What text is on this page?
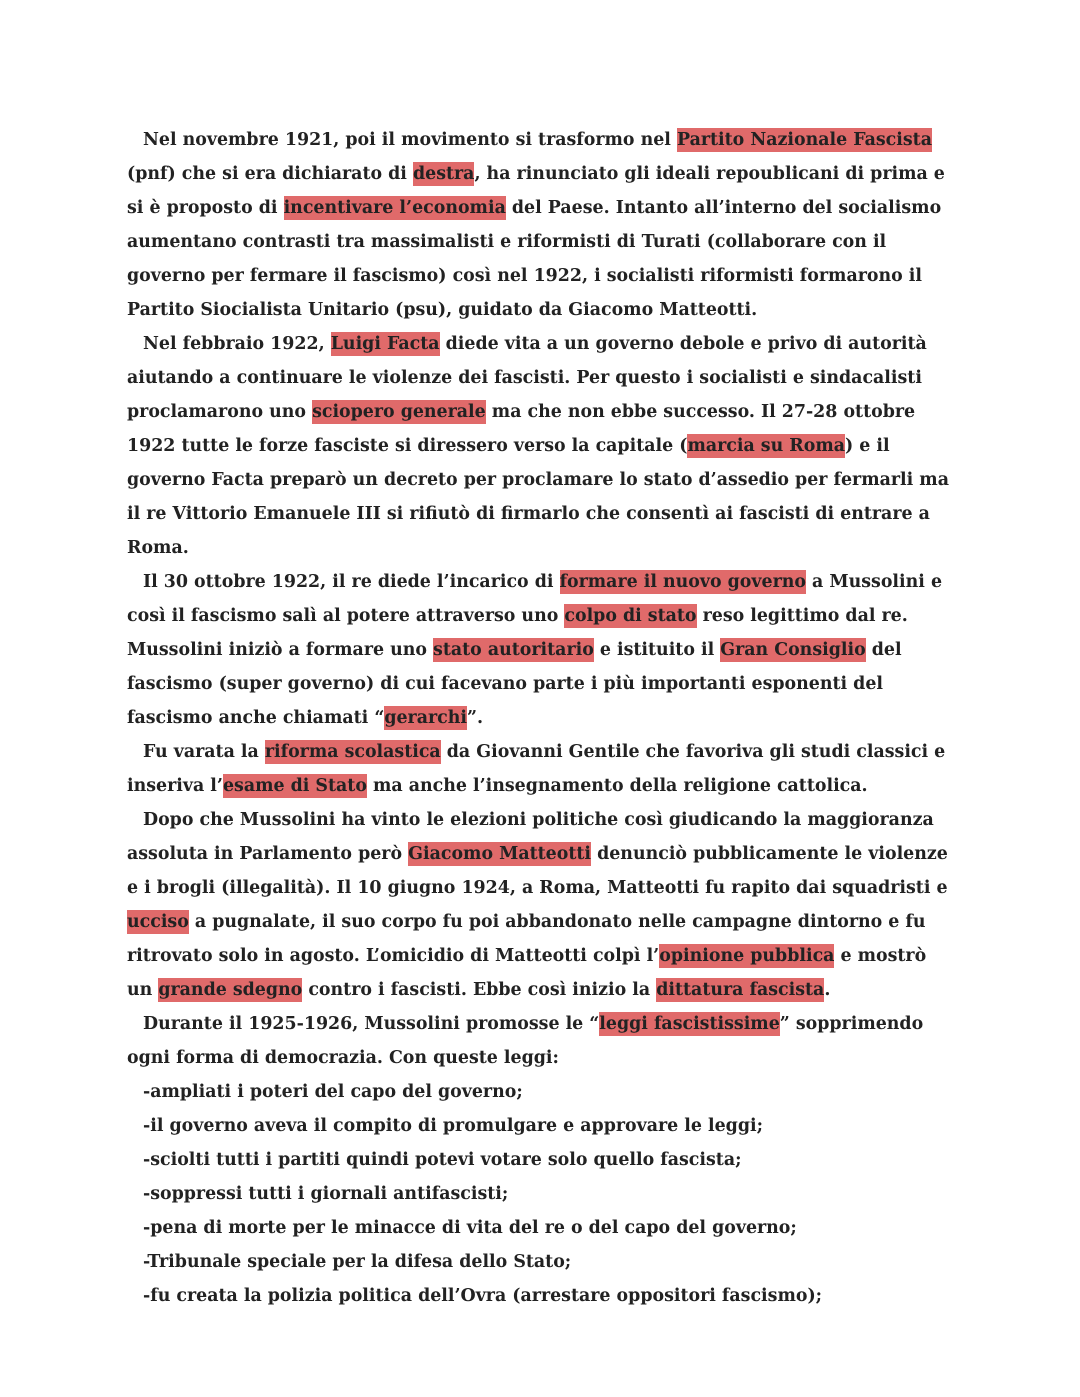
Nel novembre 1921, poi il movimento si trasformo nel Partito Nazionale Fascista (pnf) che si era dichiarato di destra, ha rinunciato gli ideali repoublicani di prima e si è proposto di incentivare l’economia del Paese. Intanto all’interno del socialismo aumentano contrasti tra massimalisti e riformisti di Turati (collaborare con il governo per fermare il fascismo) così nel 1922, i socialisti riformisti formarono il Partito Siocialista Unitario (psu), guidato da Giacomo Matteotti.

Nel febbraio 1922, Luigi Facta diede vita a un governo debole e privo di autorità aiutando a continuare le violenze dei fascisti. Per questo i socialisti e sindacalisti proclamarono uno sciopero generale ma che non ebbe successo. Il 27-28 ottobre 1922 tutte le forze fasciste si diressero verso la capitale (marcia su Roma) e il governo Facta preparò un decreto per proclamare lo stato d’assedio per fermarli ma il re Vittorio Emanuele III si rifiutò di firmarlo che consentì ai fascisti di entrare a Roma.

Il 30 ottobre 1922, il re diede l’incarico di formare il nuovo governo a Mussolini e così il fascismo salì al potere attraverso uno colpo di stato reso legittimo dal re. Mussolini iniziò a formare uno stato autoritario e istituito il Gran Consiglio del fascismo (super governo) di cui facevano parte i più importanti esponenti del fascismo anche chiamati “gerarchi”.

Fu varata la riforma scolastica da Giovanni Gentile che favoriva gli studi classici e inseriva l’esame di Stato ma anche l’insegnamento della religione cattolica.

Dopo che Mussolini ha vinto le elezioni politiche così giudicando la maggioranza assoluta in Parlamento però Giacomo Matteotti denunciò pubblicamente le violenze e i brogli (illegalità). Il 10 giugno 1924, a Roma, Matteotti fu rapito dai squadristi e ucciso a pugnalate, il suo corpo fu poi abbandonato nelle campagne dintorno e fu ritrovato solo in agosto. L’omicidio di Matteotti colpì l’opinione pubblica e mostrò un grande sdegno contro i fascisti. Ebbe così inizio la dittatura fascista.

Durante il 1925-1926, Mussolini promosse le “leggi fascistissime” sopprimendo ogni forma di democrazia. Con queste leggi:

-ampliati i poteri del capo del governo;
-il governo aveva il compito di promulgare e approvare le leggi;
-sciolti tutti i partiti quindi potevi votare solo quello fascista;
-soppressi tutti i giornali antifascisti;
-pena di morte per le minacce di vita del re o del capo del governo;
-Tribunale speciale per la difesa dello Stato;
-fu creata la polizia politica dell’Ovra (arrestare oppositori fascismo);
